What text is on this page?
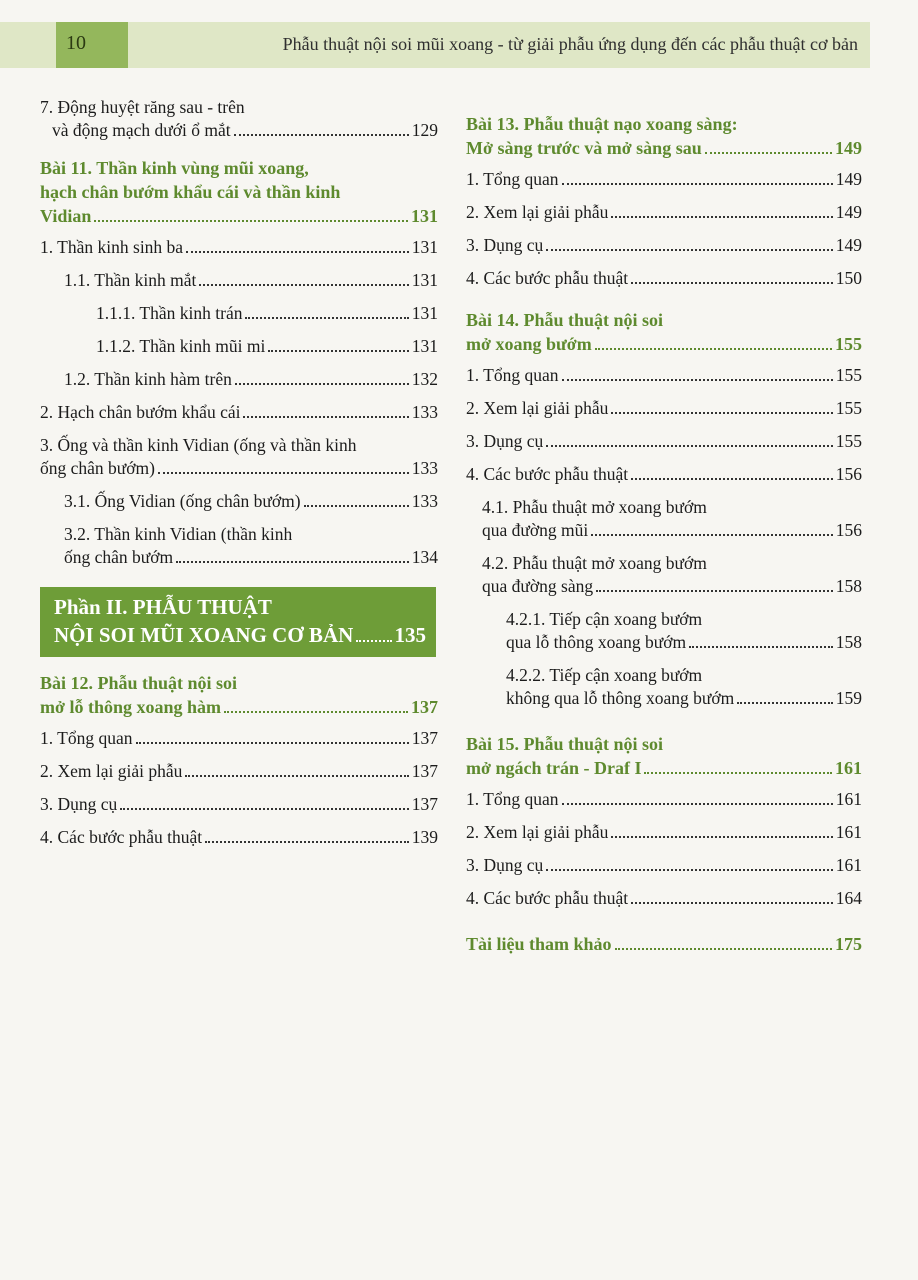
10	Phẫu thuật nội soi mũi xoang - từ giải phẫu ứng dụng đến các phẫu thuật cơ bản
7. Động huyệt răng sau - trên
và động mạch dưới ổ mắt	129
Bài 11. Thần kinh vùng mũi xoang,
hạch chân bướm khẩu cái và thần kinh
Vidian	131
1. Thần kinh sinh ba	131
1.1. Thần kinh mắt	131
1.1.1. Thần kinh trán	131
1.1.2. Thần kinh mũi mi	131
1.2. Thần kinh hàm trên	132
2. Hạch chân bướm khẩu cái	133
3. Ống và thần kinh Vidian (ống và thần kinh
ống chân bướm)	133
3.1. Ống Vidian (ống chân bướm)	133
3.2. Thần kinh Vidian (thần kinh
ống chân bướm	134
Phần II. PHẪU THUẬT
NỘI SOI MŨI XOANG CƠ BẢN 135
Bài 12. Phẫu thuật nội soi
mở lỗ thông xoang hàm	137
1. Tổng quan	137
2. Xem lại giải phẫu	137
3. Dụng cụ	137
4. Các bước phẫu thuật	139
Bài 13. Phẫu thuật nạo xoang sàng:
Mở sàng trước và mở sàng sau	149
1. Tổng quan	149
2. Xem lại giải phẫu	149
3. Dụng cụ	149
4. Các bước phẫu thuật	150
Bài 14. Phẫu thuật nội soi
mở xoang bướm	155
1. Tổng quan	155
2. Xem lại giải phẫu	155
3. Dụng cụ	155
4. Các bước phẫu thuật	156
4.1. Phẫu thuật mở xoang bướm
qua đường mũi	156
4.2. Phẫu thuật mở xoang bướm
qua đường sàng	158
4.2.1. Tiếp cận xoang bướm
qua lỗ thông xoang bướm	158
4.2.2. Tiếp cận xoang bướm
không qua lỗ thông xoang bướm	159
Bài 15. Phẫu thuật nội soi
mở ngách trán - Draf I	161
1. Tổng quan	161
2. Xem lại giải phẫu	161
3. Dụng cụ	161
4. Các bước phẫu thuật	164
Tài liệu tham khảo	175
